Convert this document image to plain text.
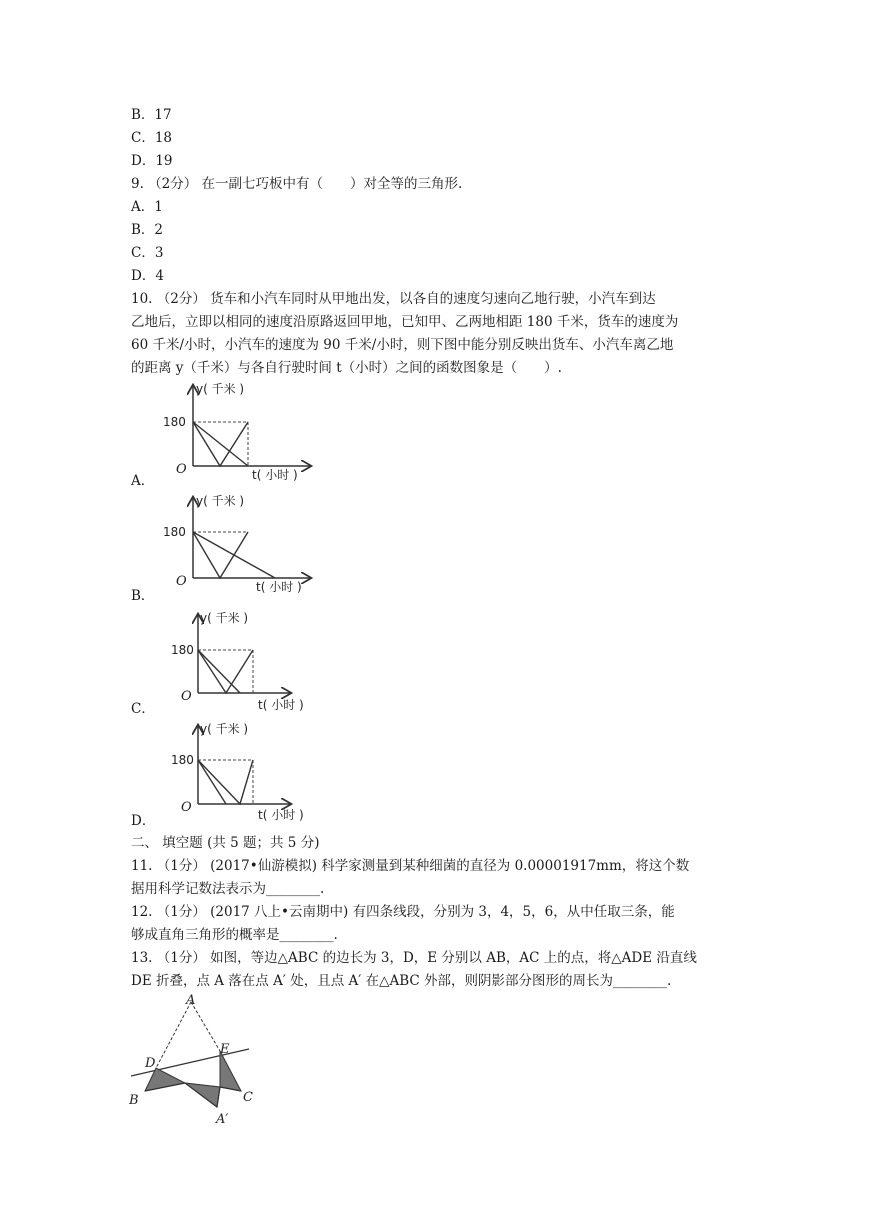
B．17
C．18
D．19
9. （2分） 在一副七巧板中有（　　）对全等的三角形.
A．1
B．2
C．3
D．4
10. （2分） 货车和小汽车同时从甲地出发，以各自的速度匀速向乙地行驶，小汽车到达
乙地后，立即以相同的速度沿原路返回甲地，已知甲、乙两地相距 180 千米，货车的速度为
60 千米/小时，小汽车的速度为 90 千米/小时，则下图中能分别反映出货车、小汽车离乙地
的距离 y（千米）与各自行驶时间 t（小时）之间的函数图象是（　　）.
180
O
y( 千米 )
t( 小时 )
A．
180
O
y( 千米 )
t( 小时 )
B．
180
O
y( 千米 )
t( 小时 )
C．
180
O
y( 千米 )
t( 小时 )
D．
二、 填空题 (共 5 题；共 5 分)
11. （1分） (2017•仙游模拟) 科学家测量到某种细菌的直径为 0.00001917mm，将这个数
据用科学记数法表示为________.
12. （1分） (2017 八上•云南期中) 有四条线段，分别为 3，4，5，6，从中任取三条，能
够成直角三角形的概率是________.
13. （1分） 如图，等边△ABC 的边长为 3，D，E 分别以 AB，AC 上的点，将△ADE 沿直线
DE 折叠，点 A 落在点 A′ 处，且点 A′ 在△ABC 外部，则阴影部分图形的周长为________.
A
D
E
B	C
A′
